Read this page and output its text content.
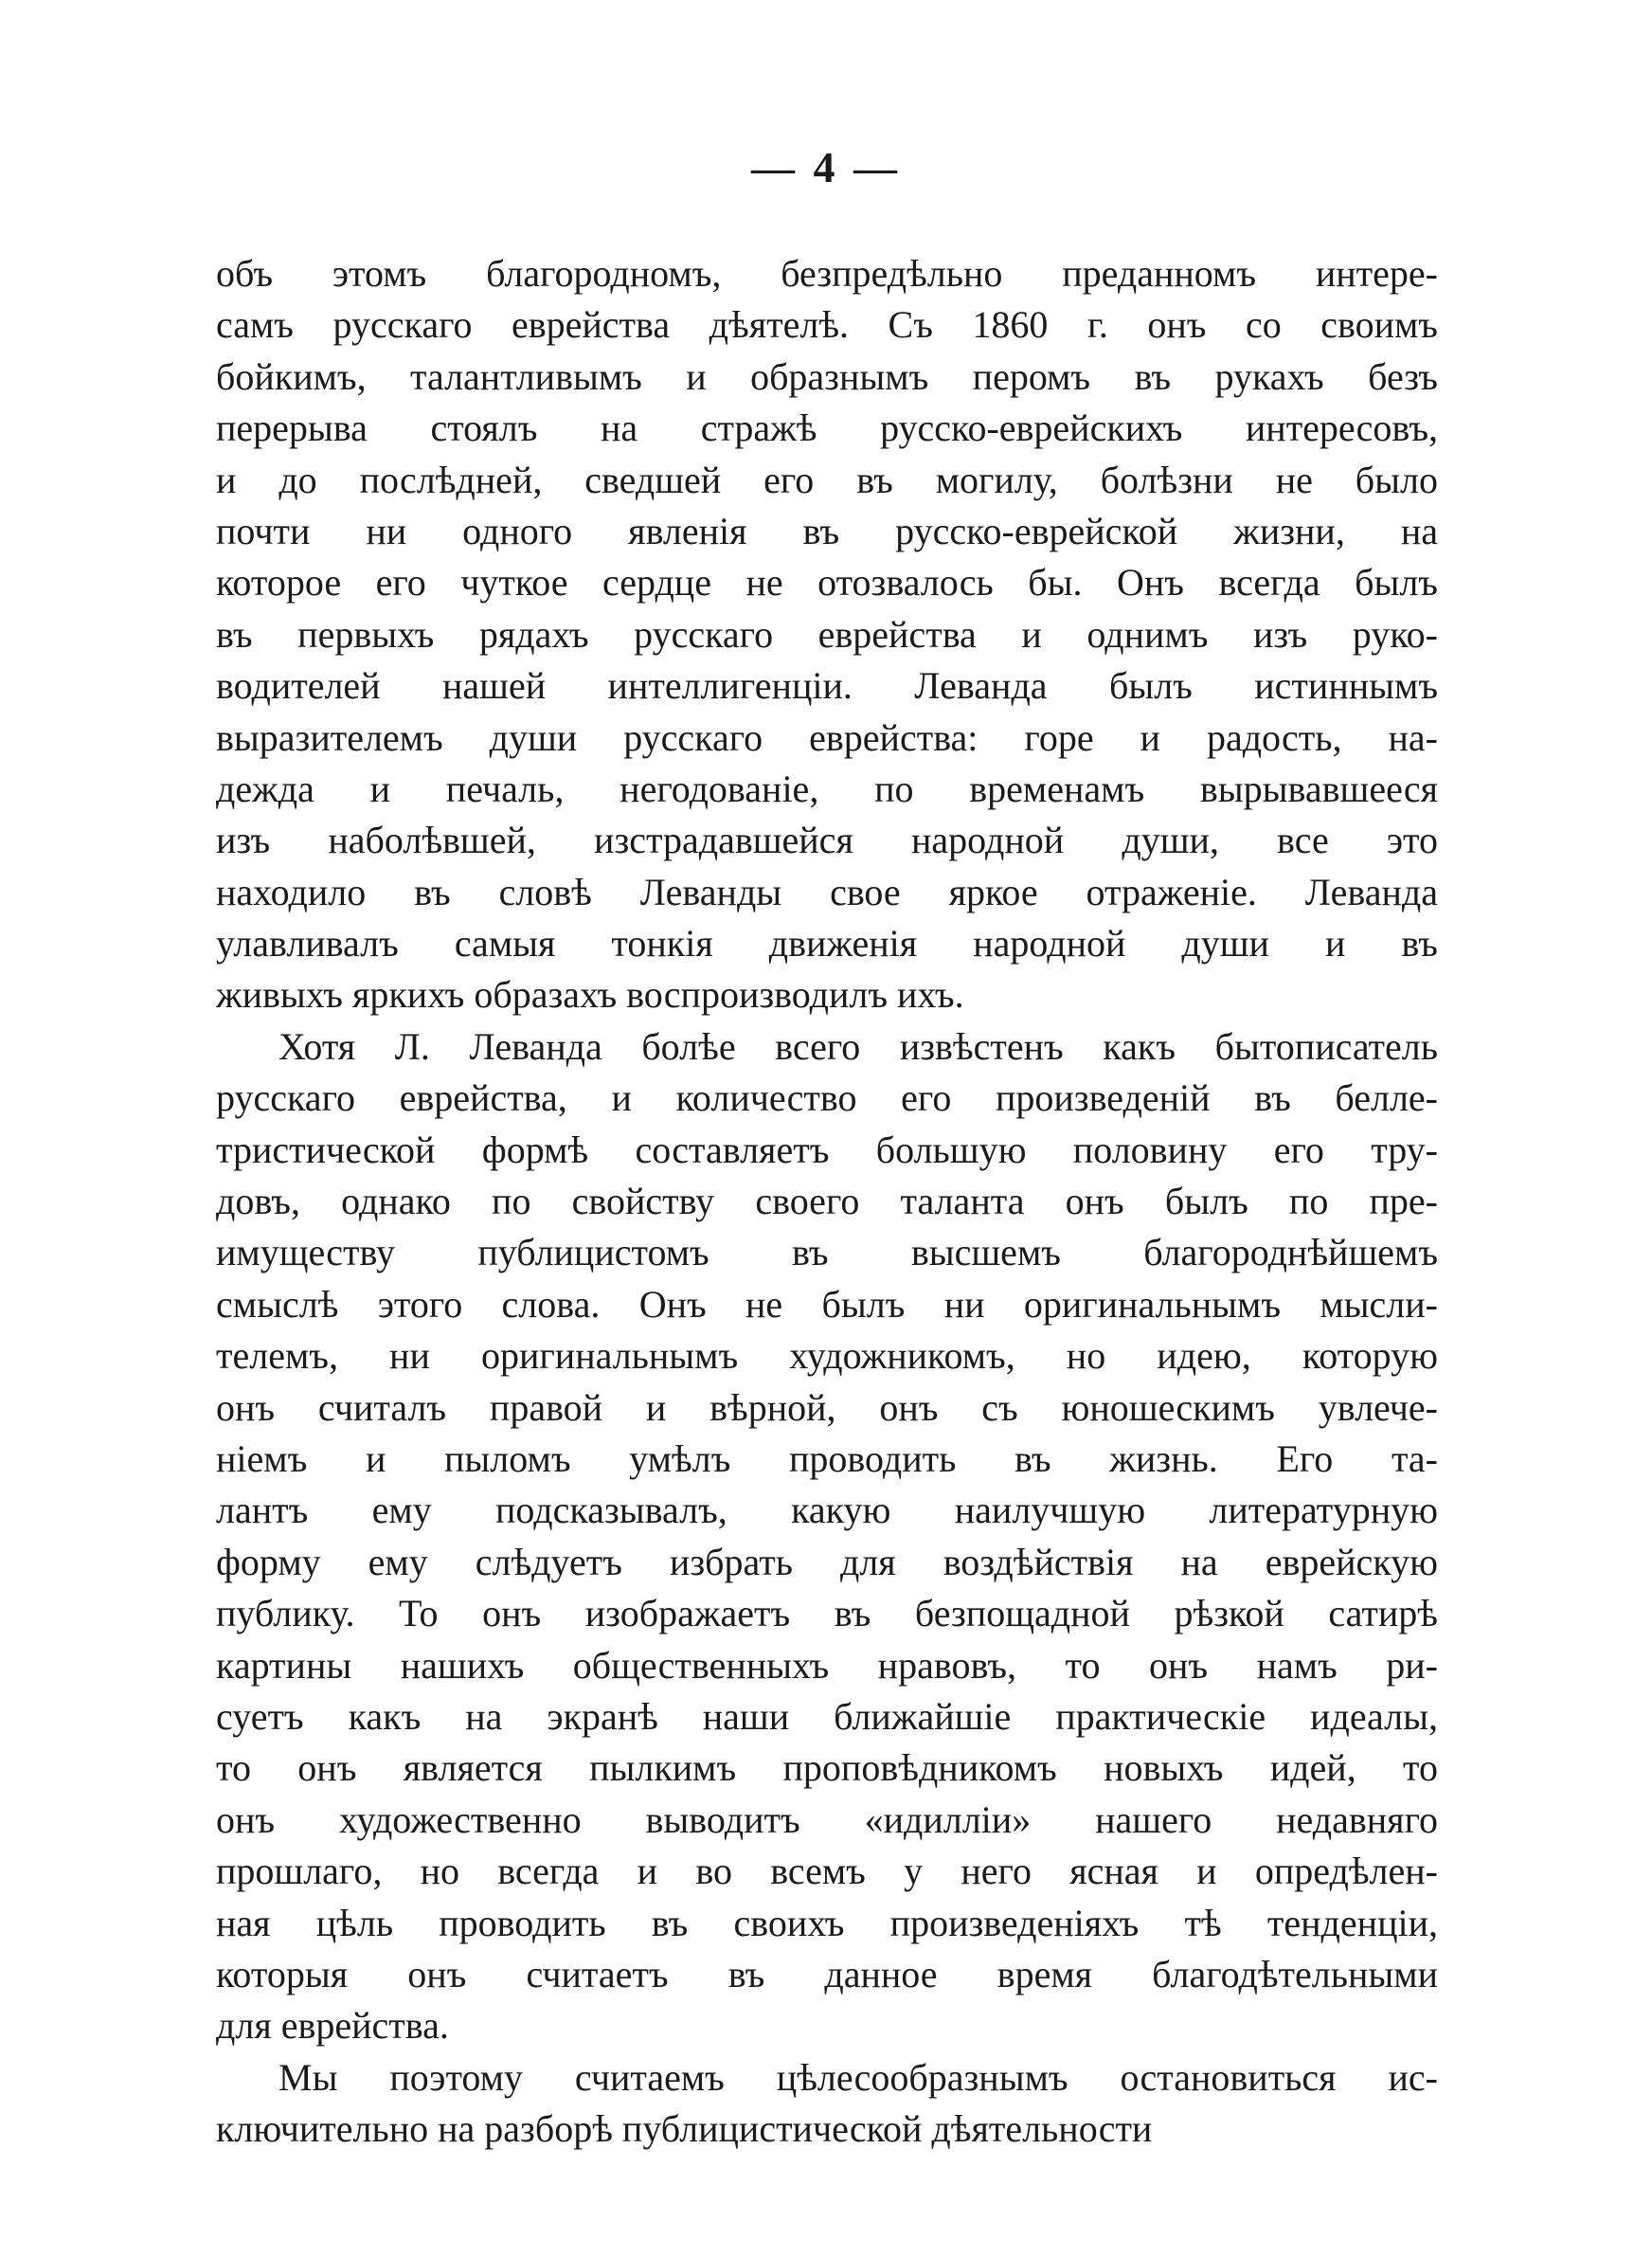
— 4 —
объ этомъ благородномъ, безпредѣльно преданномъ интере-
самъ русскаго еврейства дѣятелѣ. Съ 1860 г. онъ со своимъ
бойкимъ, талантливымъ и образнымъ перомъ въ рукахъ безъ
перерыва стоялъ на стражѣ русско-еврейскихъ интересовъ,
и до послѣдней, сведшей его въ могилу, болѣзни не было
почти ни одного явленія въ русско-еврейской жизни, на
которое его чуткое сердце не отозвалось бы. Онъ всегда былъ
въ первыхъ рядахъ русскаго еврейства и однимъ изъ руко-
водителей нашей интеллигенціи. Леванда былъ истиннымъ
выразителемъ души русскаго еврейства: горе и радость, на-
дежда и печаль, негодованіе, по временамъ вырывавшееся
изъ наболѣвшей, изстрадавшейся народной души, все это
находило въ словѣ Леванды свое яркое отраженіе. Леванда
улавливалъ самыя тонкія движенія народной души и въ
живыхъ яркихъ образахъ воспроизводилъ ихъ.
Хотя Л. Леванда болѣе всего извѣстенъ какъ бытописатель
русскаго еврейства, и количество его произведеній въ белле-
тристической формѣ составляетъ большую половину его тру-
довъ, однако по свойству своего таланта онъ былъ по пре-
имуществу публицистомъ въ высшемъ благороднѣйшемъ
смыслѣ этого слова. Онъ не былъ ни оригинальнымъ мысли-
телемъ, ни оригинальнымъ художникомъ, но идею, которую
онъ считалъ правой и вѣрной, онъ съ юношескимъ увлече-
ніемъ и пыломъ умѣлъ проводить въ жизнь. Его та-
лантъ ему подсказывалъ, какую наилучшую литературную
форму ему слѣдуетъ избрать для воздѣйствія на еврейскую
публику. То онъ изображаетъ въ безпощадной рѣзкой сатирѣ
картины нашихъ общественныхъ нравовъ, то онъ намъ ри-
суетъ какъ на экранѣ наши ближайшіе практическіе идеалы,
то онъ является пылкимъ проповѣдникомъ новыхъ идей, то
онъ художественно выводитъ «идилліи» нашего недавняго
прошлаго, но всегда и во всемъ у него ясная и опредѣлен-
ная цѣль проводить въ своихъ произведеніяхъ тѣ тенденціи,
которыя онъ считаетъ въ данное время благодѣтельными
для еврейства.
Мы поэтому считаемъ цѣлесообразнымъ остановиться ис-
ключительно на разборѣ публицистической дѣятельности
